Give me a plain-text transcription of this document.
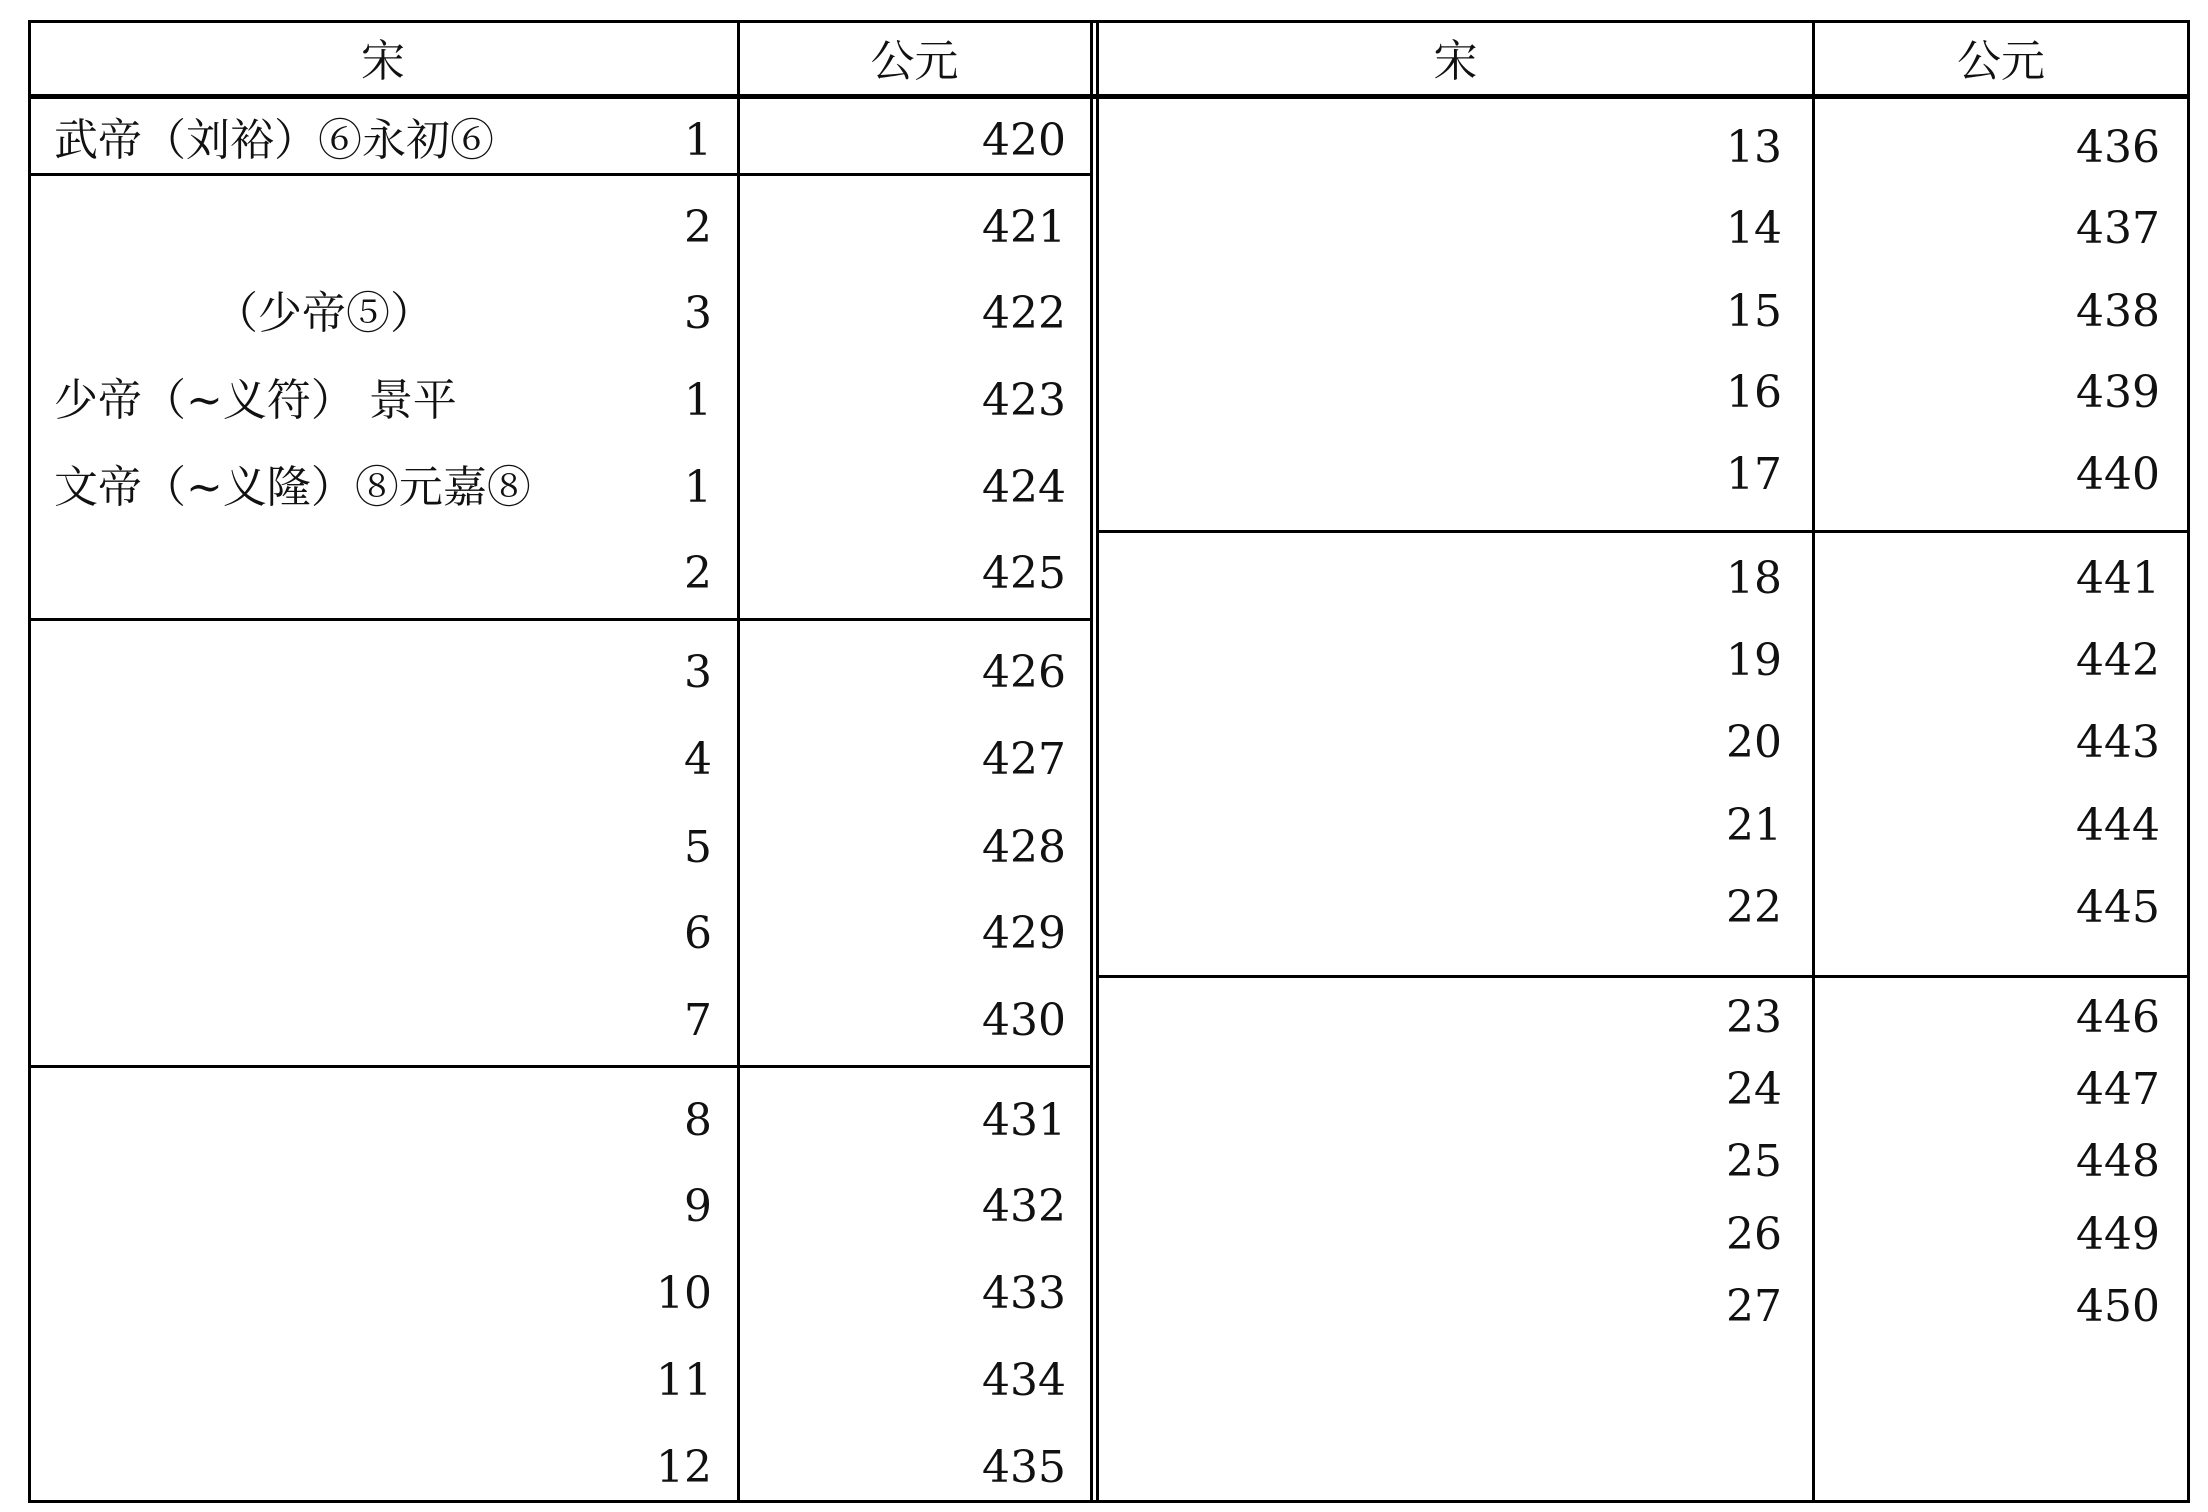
宋	公元	宋	公元
武帝（刘裕）⑥永初⑥	1	420
2	421
（少帝⑤）	3	422
少帝（~义符） 景平	1	423
文帝（~义隆）⑧元嘉⑧	1	424
2	425
3	426
4	427
5	428
6	429
7	430
8	431
9	432
10	433
11	434
12	435
13	436
14	437
15	438
16	439
17	440
18	441
19	442
20	443
21	444
22	445
23	446
24	447
25	448
26	449
27	450
